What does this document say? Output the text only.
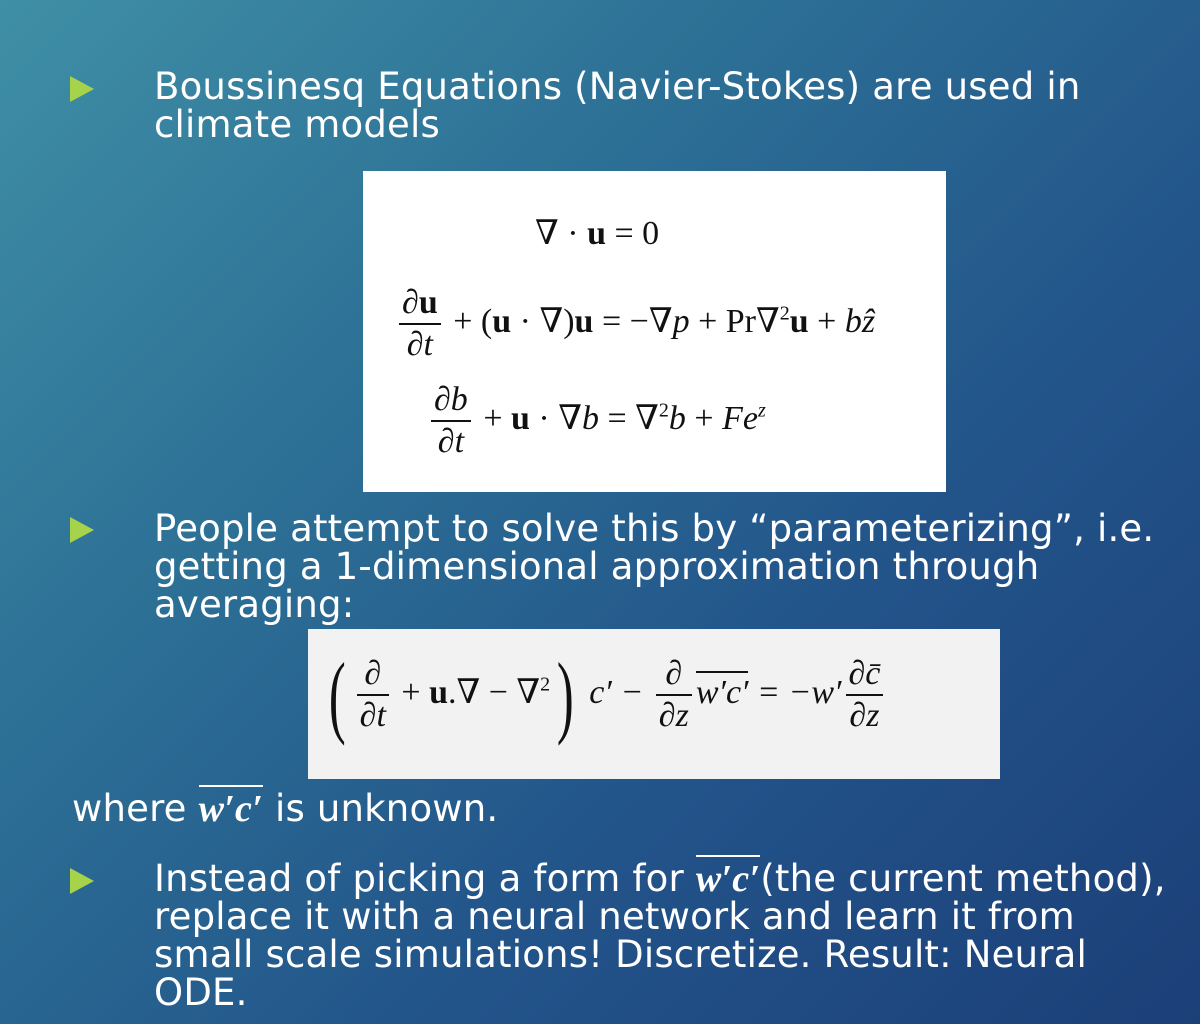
Boussinesq Equations (Navier-Stokes) are used in climate models
∇ · u = 0
$\frac{\partial u}{\partial t} + (u \cdot \nabla)u = -\nabla p + Pr\nabla^2u$ + bẑ
$\frac{\partial b}{\partial t} + u \cdot \nabla b = \nabla^2b + Fe^z$
People attempt to solve this by “parameterizing”, i.e. getting a 1-dimensional approximation through averaging:
( $\frac{\partial}{\partial t} + u.\nabla - \nabla^2$) $c' - \frac{\partial}{\partial z} w'c' = -w' \frac{\partial c̄}{\partial z}$
where w′c′ is unknown.
Instead of picking a form for w′c′(the current method), replace it with a neural network and learn it from small scale simulations! Discretize. Result: Neural ODE.
